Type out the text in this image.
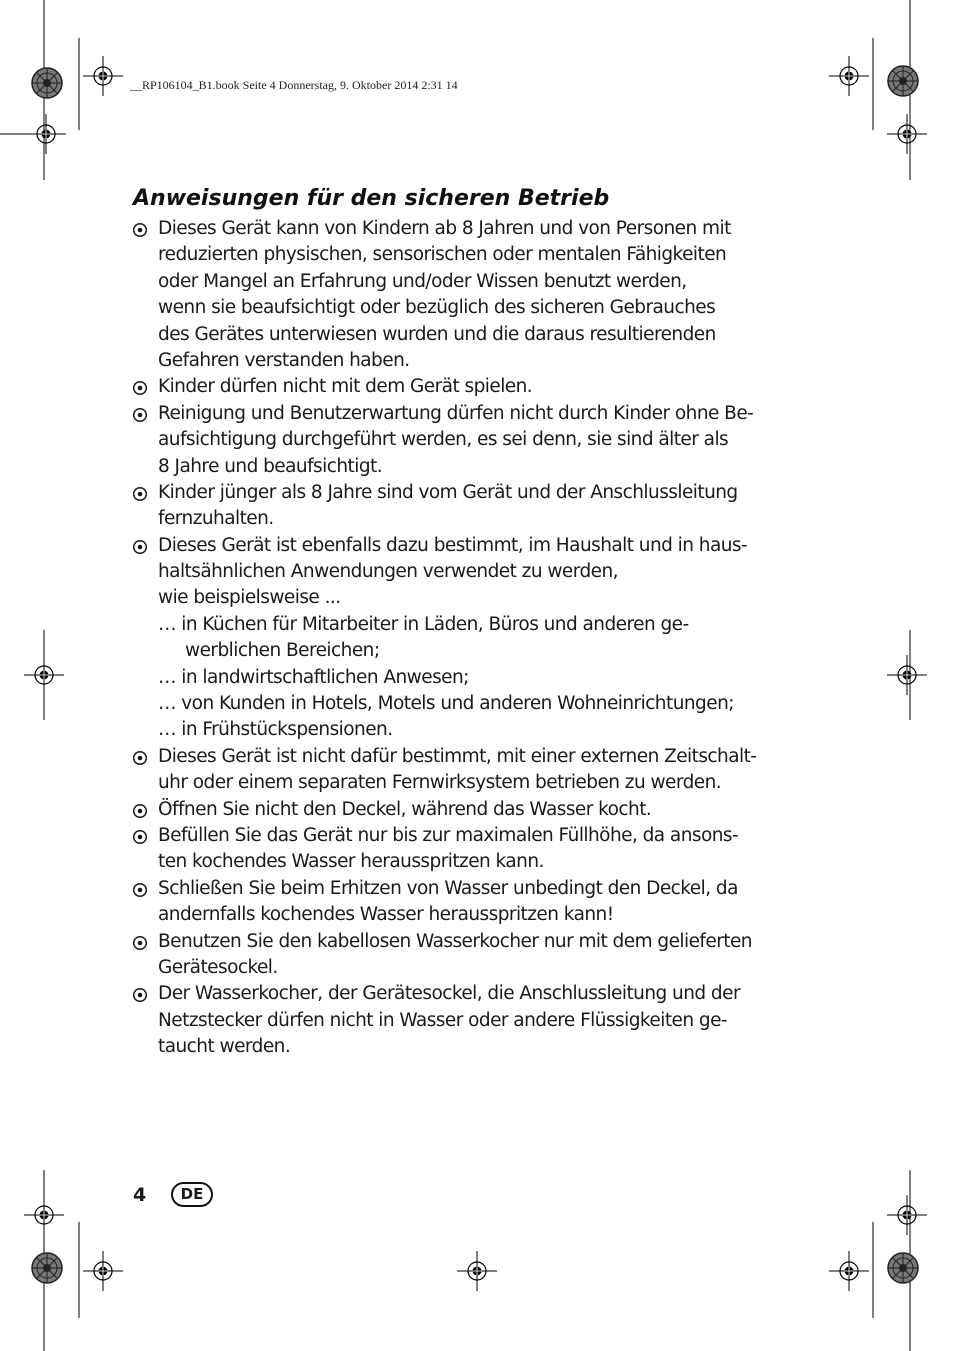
__RP106104_B1.book Seite 4 Donnerstag, 9. Oktober 2014 2:31 14
Anweisungen für den sicheren Betrieb
Dieses Gerät kann von Kindern ab 8 Jahren und von Personen mit
reduzierten physischen, sensorischen oder mentalen Fähigkeiten
oder Mangel an Erfahrung und/oder Wissen benutzt werden,
wenn sie beaufsichtigt oder bezüglich des sicheren Gebrauches
des Gerätes unterwiesen wurden und die daraus resultierenden
Gefahren verstanden haben.
Kinder dürfen nicht mit dem Gerät spielen.
Reinigung und Benutzerwartung dürfen nicht durch Kinder ohne Be-
aufsichtigung durchgeführt werden, es sei denn, sie sind älter als
8 Jahre und beaufsichtigt.
Kinder jünger als 8 Jahre sind vom Gerät und der Anschlussleitung
fernzuhalten.
Dieses Gerät ist ebenfalls dazu bestimmt, im Haushalt und in haus-
haltsähnlichen Anwendungen verwendet zu werden,
wie beispielsweise ...
… in Küchen für Mitarbeiter in Läden, Büros und anderen ge-
werblichen Bereichen;
… in landwirtschaftlichen Anwesen;
… von Kunden in Hotels, Motels und anderen Wohneinrichtungen;
… in Frühstückspensionen.
Dieses Gerät ist nicht dafür bestimmt, mit einer externen Zeitschalt-
uhr oder einem separaten Fernwirksystem betrieben zu werden.
Öffnen Sie nicht den Deckel, während das Wasser kocht.
Befüllen Sie das Gerät nur bis zur maximalen Füllhöhe, da ansons-
ten kochendes Wasser herausspritzen kann.
Schließen Sie beim Erhitzen von Wasser unbedingt den Deckel, da
andernfalls kochendes Wasser herausspritzen kann!
Benutzen Sie den kabellosen Wasserkocher nur mit dem gelieferten
Gerätesockel.
Der Wasserkocher, der Gerätesockel, die Anschlussleitung und der
Netzstecker dürfen nicht in Wasser oder andere Flüssigkeiten ge-
taucht werden.
4	DE
